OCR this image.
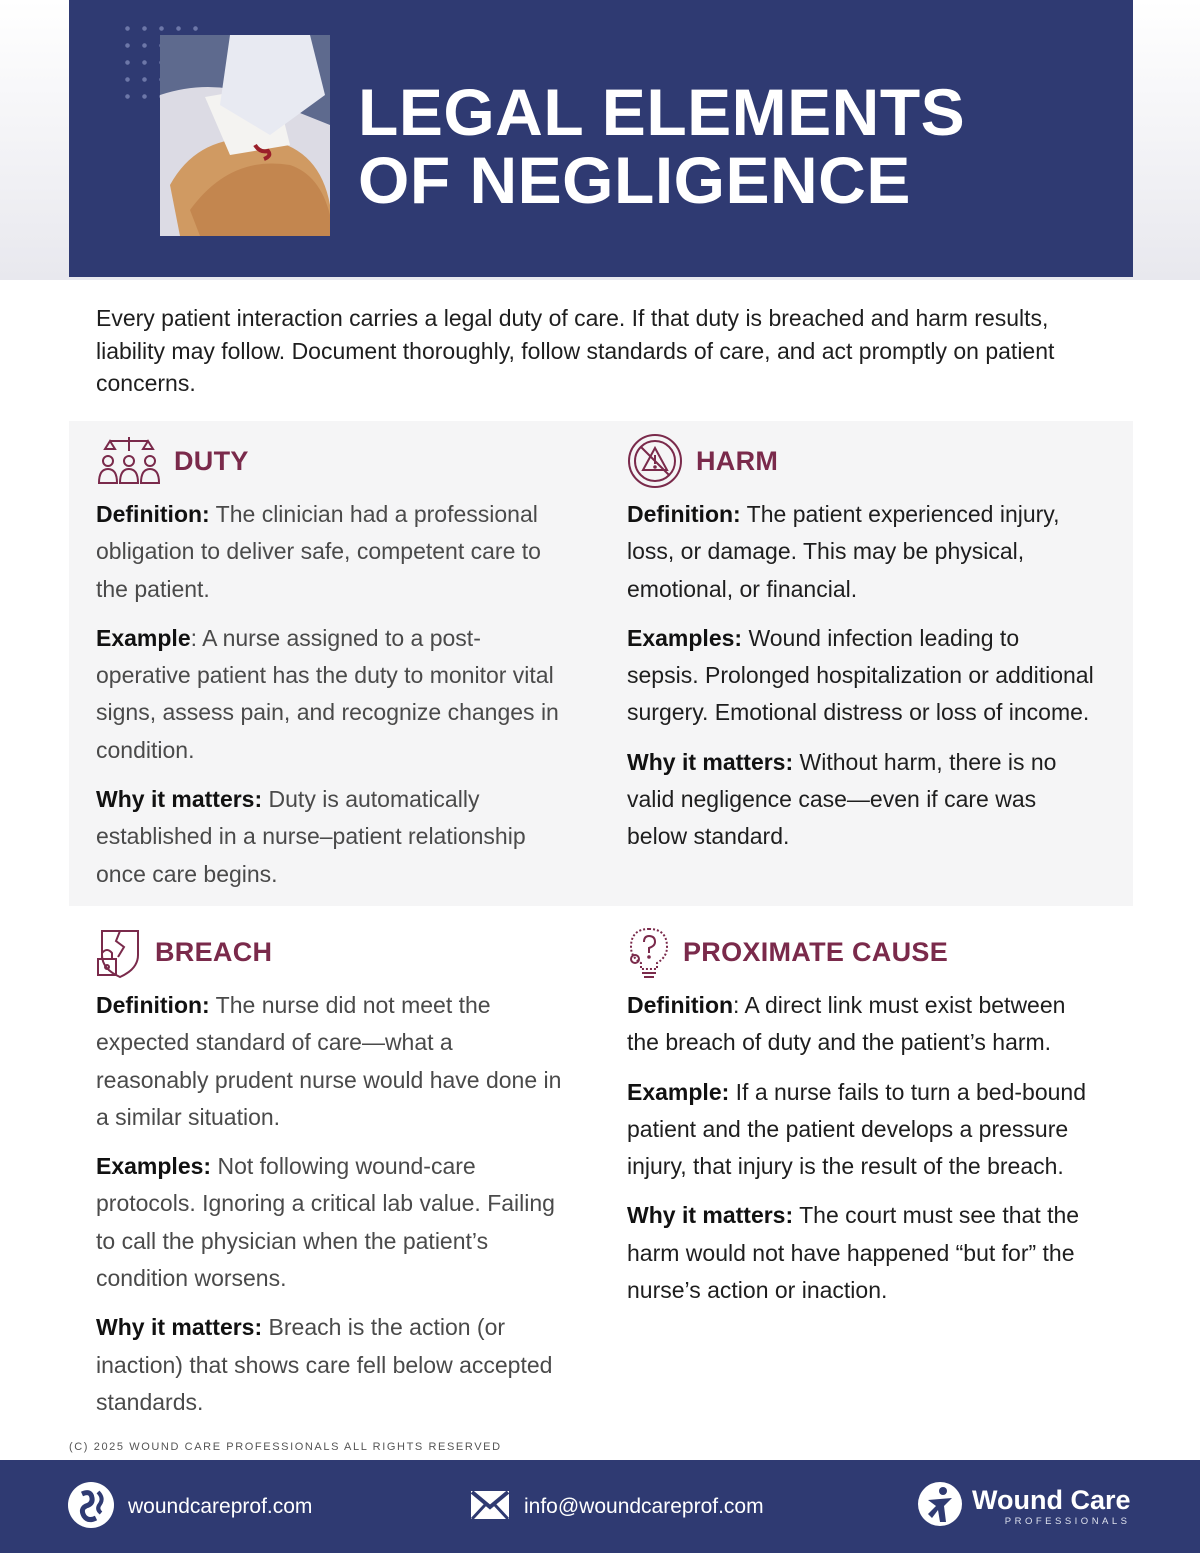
LEGAL ELEMENTS
OF NEGLIGENCE

Every patient interaction carries a legal duty of care. If that duty is breached and harm results, liability may follow. Document thoroughly, follow standards of care, and act promptly on patient concerns.

DUTY

Definition: The clinician had a professional obligation to deliver safe, competent care to the patient.

Example: A nurse assigned to a post-operative patient has the duty to monitor vital signs, assess pain, and recognize changes in condition.

Why it matters: Duty is automatically established in a nurse–patient relationship once care begins.

HARM

Definition: The patient experienced injury, loss, or damage. This may be physical, emotional, or financial.

Examples: Wound infection leading to sepsis. Prolonged hospitalization or additional surgery. Emotional distress or loss of income.

Why it matters: Without harm, there is no valid negligence case—even if care was below standard.

BREACH

Definition: The nurse did not meet the expected standard of care—what a reasonably prudent nurse would have done in a similar situation.

Examples: Not following wound-care protocols. Ignoring a critical lab value. Failing to call the physician when the patient’s condition worsens.

Why it matters: Breach is the action (or inaction) that shows care fell below accepted standards.

PROXIMATE CAUSE

Definition: A direct link must exist between the breach of duty and the patient’s harm.

Example: If a nurse fails to turn a bed-bound patient and the patient develops a pressure injury, that injury is the result of the breach.

Why it matters: The court must see that the harm would not have happened “but for” the nurse’s action or inaction.

(C) 2025 WOUND CARE PROFESSIONALS ALL RIGHTS RESERVED
woundcareprof.com	info@woundcareprof.com	Wound Care
PROFESSIONALS
